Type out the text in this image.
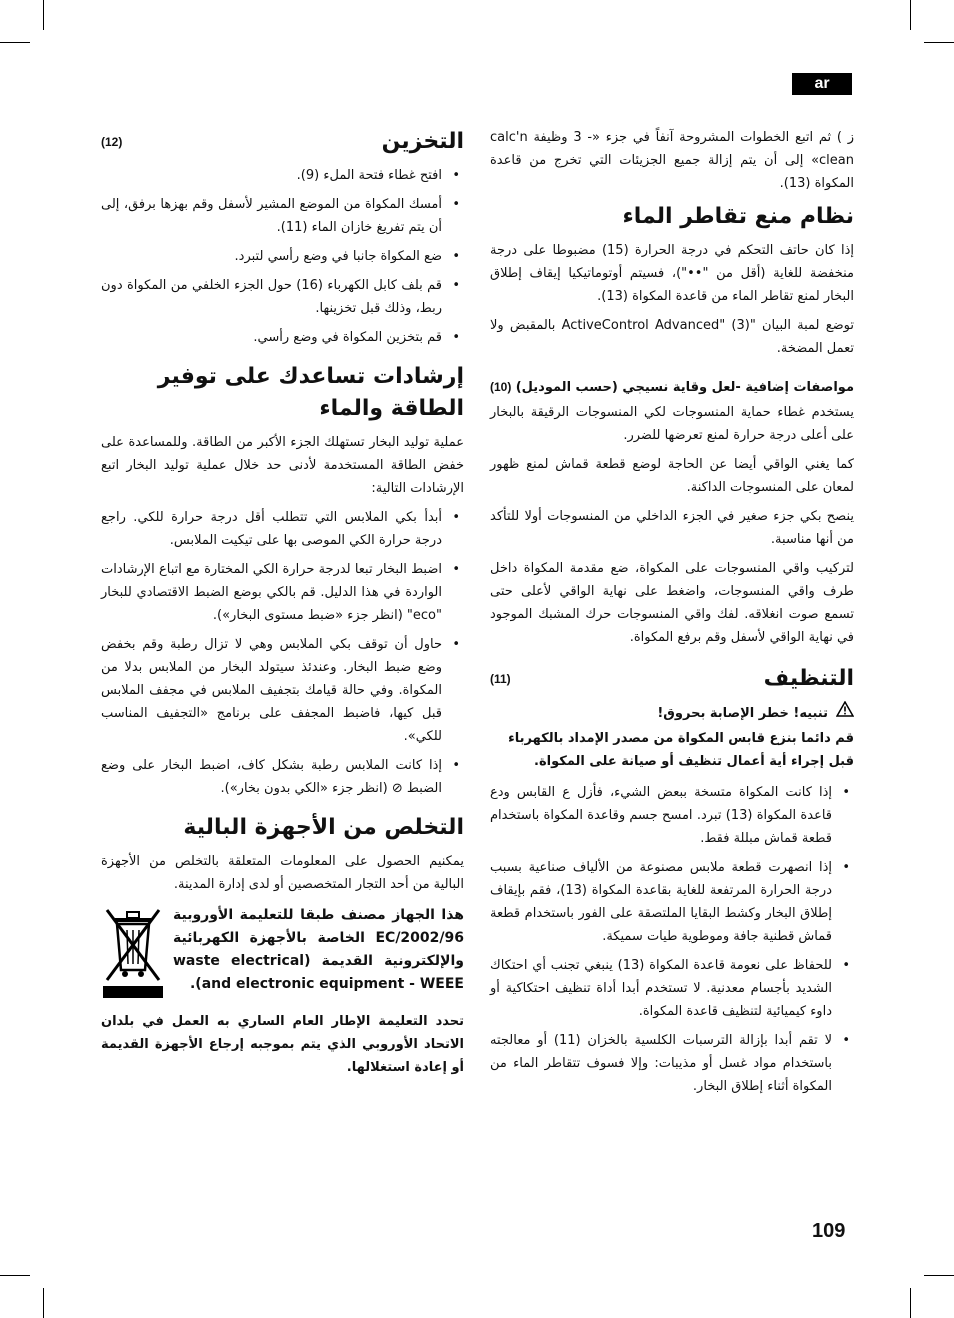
ar

ز ) ثم اتبع الخطوات المشروحة آنفاً في جزء «- 3 وظيفة calc'n clean» إلى أن يتم إزالة جميع الجزيئات التي تخرج من قاعدة المكواة (13).

نظام منع تقاطر الماء

إذا كان حاتف التحكم في درجة الحرارة (15) مضبوطا على درجة منخفضة للغاية (أقل من "••")، فسيتم أوتوماتيكيا إيقاف إطلاق البخار لمنع تقاطر الماء من قاعدة المكواة (13).

توضع لمبة البيان "ActiveControl Advanced" (3) بالمقبض ولا تعمل المضخة.

مواصفات إضافية -لعل وقاية نسيجي (حسب الموديل)
(10)

يستخدم غطاء حماية المنسوجات لكي المنسوجات الرقيقة بالبخار على أعلى درجة حرارة لمنع تعرضها للضرر.

كما يغني الواقي أيضا عن الحاجة لوضع قطعة قماش لمنع ظهور لمعان على المنسوجات الداكنة.

ينصح بكي جزء صغير في الجزء الداخلي من المنسوجات أولا للتأكد من أنها مناسبة.

لتركيب واقي المنسوجات على المكواة، ضع مقدمة المكواة داخل طرف واقي المنسوجات، واضغط على نهاية الواقي لأعلى حتى تسمع صوت انغلاقه. لفك واقي المنسوجات حرك المشبك الموجود في نهاية الواقي لأسفل وقم برفع المكواة.

التنظيف
(11)
تنبيه! خطر الإصابة بحروق!
قم دائما بنزع قابس المكواة من مصدر الإمداد بالكهرباء قبل إجراء أية أعمال تنظيف أو صيانة على المكواة.
• إذا كانت المكواة متسخة ببعض الشيء، فأزل ع القابس ودع قاعدة المكواة (13) تبرد. امسح جسم وقاعدة المكواة باستخدام قطعة قماش مبللة فقط.
• إذا انصهرت قطعة ملابس مصنوعة من الألياف صناعية بسبب درجة الحرارة المرتفعة للغاية بقاعدة المكواة (13)، فقم بإيقاف إطلاق البخار وكشط البقايا الملتصقة على الفور باستخدام قطعة قماش قطنية جافة وموطوية طيات سميكة.
• للحفاظ على نعومة قاعدة المكواة (13) ينبغي تجنب أي احتكاك الشديد بأجسام معدنية. لا تستخدم أبدا أداة تنظيف احتكاكية أو داوء كيميائية لتنظيف قاعدة المكواة.
• لا تقم أبدا بإزالة الترسبات الكلسية بالخزان (11) أو معالجته باستخدام مواد غسل أو مذيبات: وإلا فسوف تتقاطر الماء من المكواة أثناء إطلاق البخار.
التخزين
(12)
• افتح غطاء فتحة الملء (9).
• أمسك المكواة من الموضع المشير لأسفل وقم بهزها برفق، إلى أن يتم تفريغ خازان الماء (11).
• ضع المكواة جانبا في وضع رأسي لتبرد.
• قم بلف كابل الكهرباء (16) حول الجزء الخلفي من المكواة دون ربط، وذلك قبل تخزينها.
• قم بتخزين المكواة في وضع رأسي.
إرشادات تساعدك على توفير الطاقة والماء

عملية توليد البخار تستهلك الجزء الأكبر من الطاقة. وللمساعدة على خفض الطاقة المستخدمة لأدنى حد خلال عملية توليد البخار اتبع الإرشادات التالية:

• أبدأ بكي الملابس التي تتطلب أقل درجة حرارة للكي. راجع درجة حرارة الكي الموصى بها على تيكيت الملابس.
• اضبط البخار تبعا لدرجة حرارة الكي المختارة مع اتباع الإرشادات الواردة في هذا الدليل. قم بالكي بوضع الضبط الاقتصادي للبخار "eco" (انظر جزء «ضبط مستوى البخار»).
• حاول أن توقف بكي الملابس وهي لا تزال رطبة وقم بخفض وضع ضبط البخار. وعندئذ سيتولد البخار من الملابس بدلا من المكواة. وفي حالة قيامك بتجفيف الملابس في مجفف الملابس قبل كيها، فاضبط المجفف على برنامج «التجفيف المناسب للكي».
• إذا كانت الملابس رطبة بشكل كاف، اضبط البخار على وضع الضبط ⊘ (انظر جزء «الكي بدون بخار»).
التخلص من الأجهزة البالية

يمكنيم الحصول على المعلومات المتعلقة بالتخلص من الأجهزة البالية من أحد التجار المتخصصين أو لدى إدارة المدينة.

هذا الجهاز مصنف طبقا للتعليمة الأوروبية EC/2002/96 الخاصة بالأجهزة الكهربائية والإلكترونية القديمة (waste electrical and electronic equipment - WEEE).
تحدد التعليمة الإطار العام الساري به العمل في بلدان الاتحاد الأوروبي الذي يتم بموجبه إرجاع الأجهزة القديمة أو إعادة استغلالها.
109
